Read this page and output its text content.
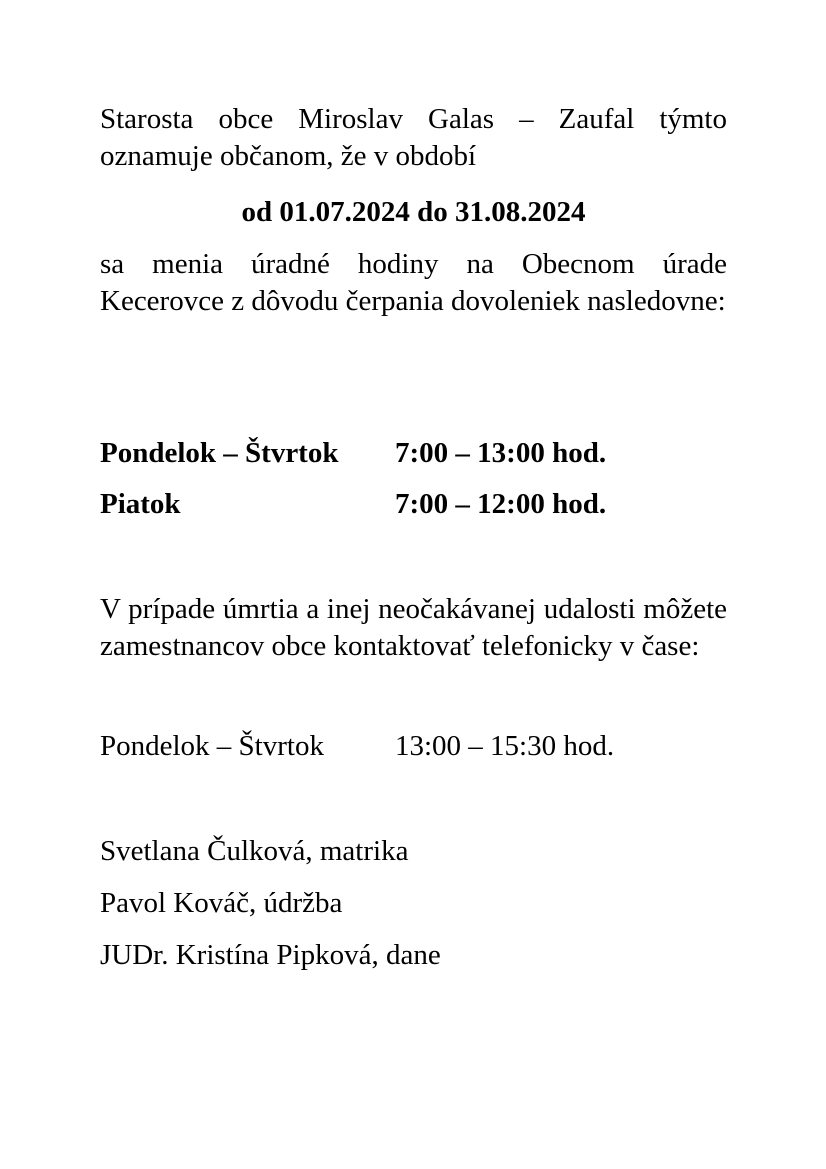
Starosta obce Miroslav Galas – Zaufal týmto oznamuje občanom, že v období
od 01.07.2024 do 31.08.2024
sa menia úradné hodiny na Obecnom úrade Kecerovce z dôvodu čerpania dovoleniek nasledovne:
Pondelok – Štvrtok 7:00 – 13:00 hod.
Piatok	7:00 – 12:00 hod.
V prípade úmrtia a inej neočakávanej udalosti môžete zamestnancov obce kontaktovať telefonicky v čase:
Pondelok – Štvrtok 13:00 – 15:30 hod.
Svetlana Čulková, matrika
Pavol Kováč, údržba
JUDr. Kristína Pipková, dane
